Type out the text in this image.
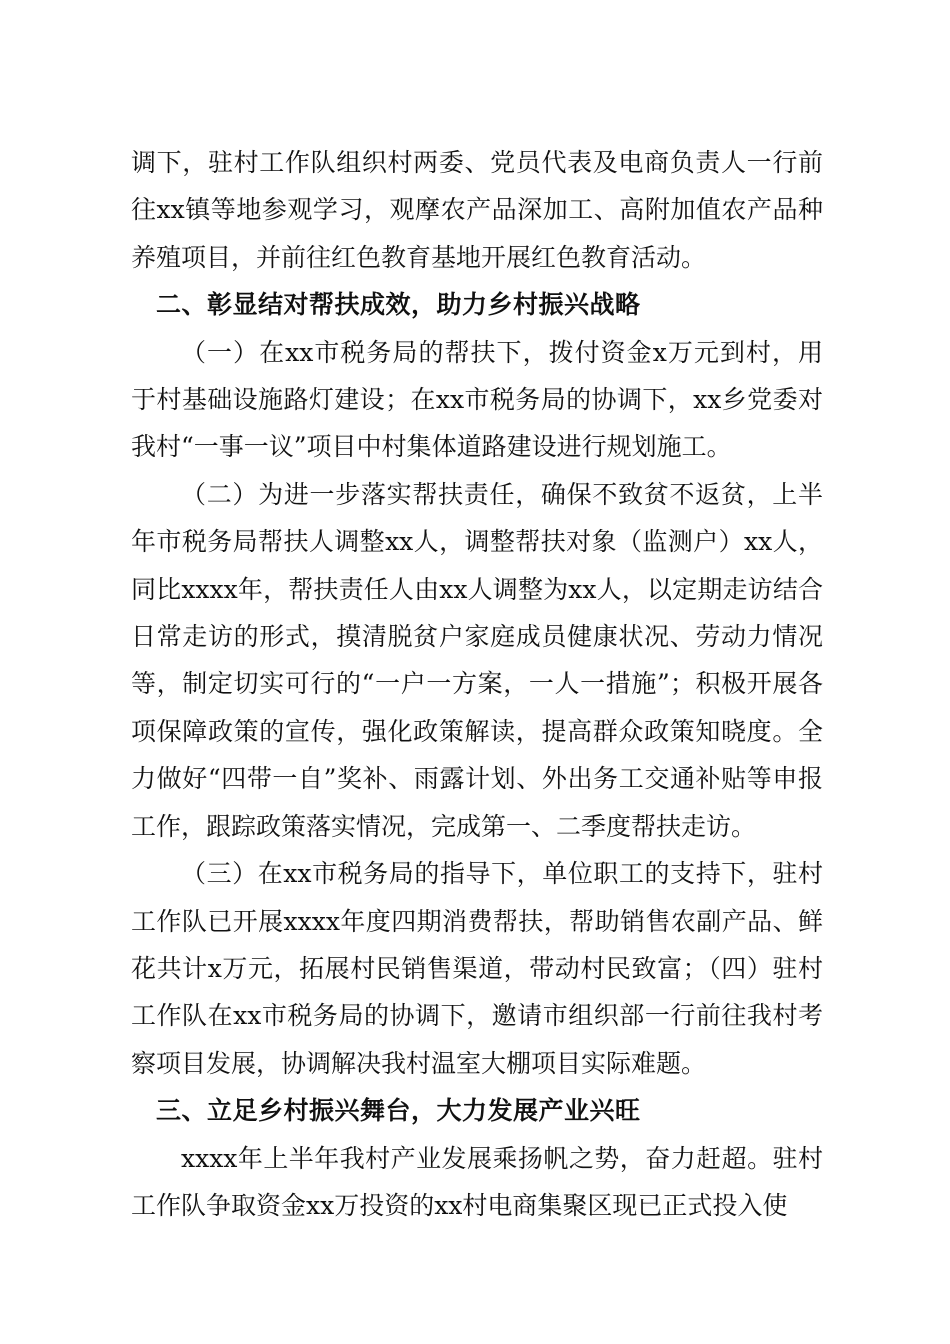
调下，驻村工作队组织村两委、党员代表及电商负责人一行前往xx镇等地参观学习，观摩农产品深加工、高附加值农产品种养殖项目，并前往红色教育基地开展红色教育活动。

二、彰显结对帮扶成效，助力乡村振兴战略

（一）在xx市税务局的帮扶下，拨付资金x万元到村，用于村基础设施路灯建设；在xx市税务局的协调下，xx乡党委对我村“一事一议”项目中村集体道路建设进行规划施工。

（二）为进一步落实帮扶责任，确保不致贫不返贫，上半年市税务局帮扶人调整xx人，调整帮扶对象（监测户）xx人，同比xxxx年，帮扶责任人由xx人调整为xx人，以定期走访结合日常走访的形式，摸清脱贫户家庭成员健康状况、劳动力情况等，制定切实可行的“一户一方案，一人一措施”；积极开展各项保障政策的宣传，强化政策解读，提高群众政策知晓度。全力做好“四带一自”奖补、雨露计划、外出务工交通补贴等申报工作，跟踪政策落实情况，完成第一、二季度帮扶走访。

（三）在xx市税务局的指导下，单位职工的支持下，驻村工作队已开展xxxx年度四期消费帮扶，帮助销售农副产品、鲜花共计x万元，拓展村民销售渠道，带动村民致富；（四）驻村工作队在xx市税务局的协调下，邀请市组织部一行前往我村考察项目发展，协调解决我村温室大棚项目实际难题。

三、立足乡村振兴舞台，大力发展产业兴旺

xxxx年上半年我村产业发展乘扬帆之势，奋力赶超。驻村工作队争取资金xx万投资的xx村电商集聚区现已正式投入使
